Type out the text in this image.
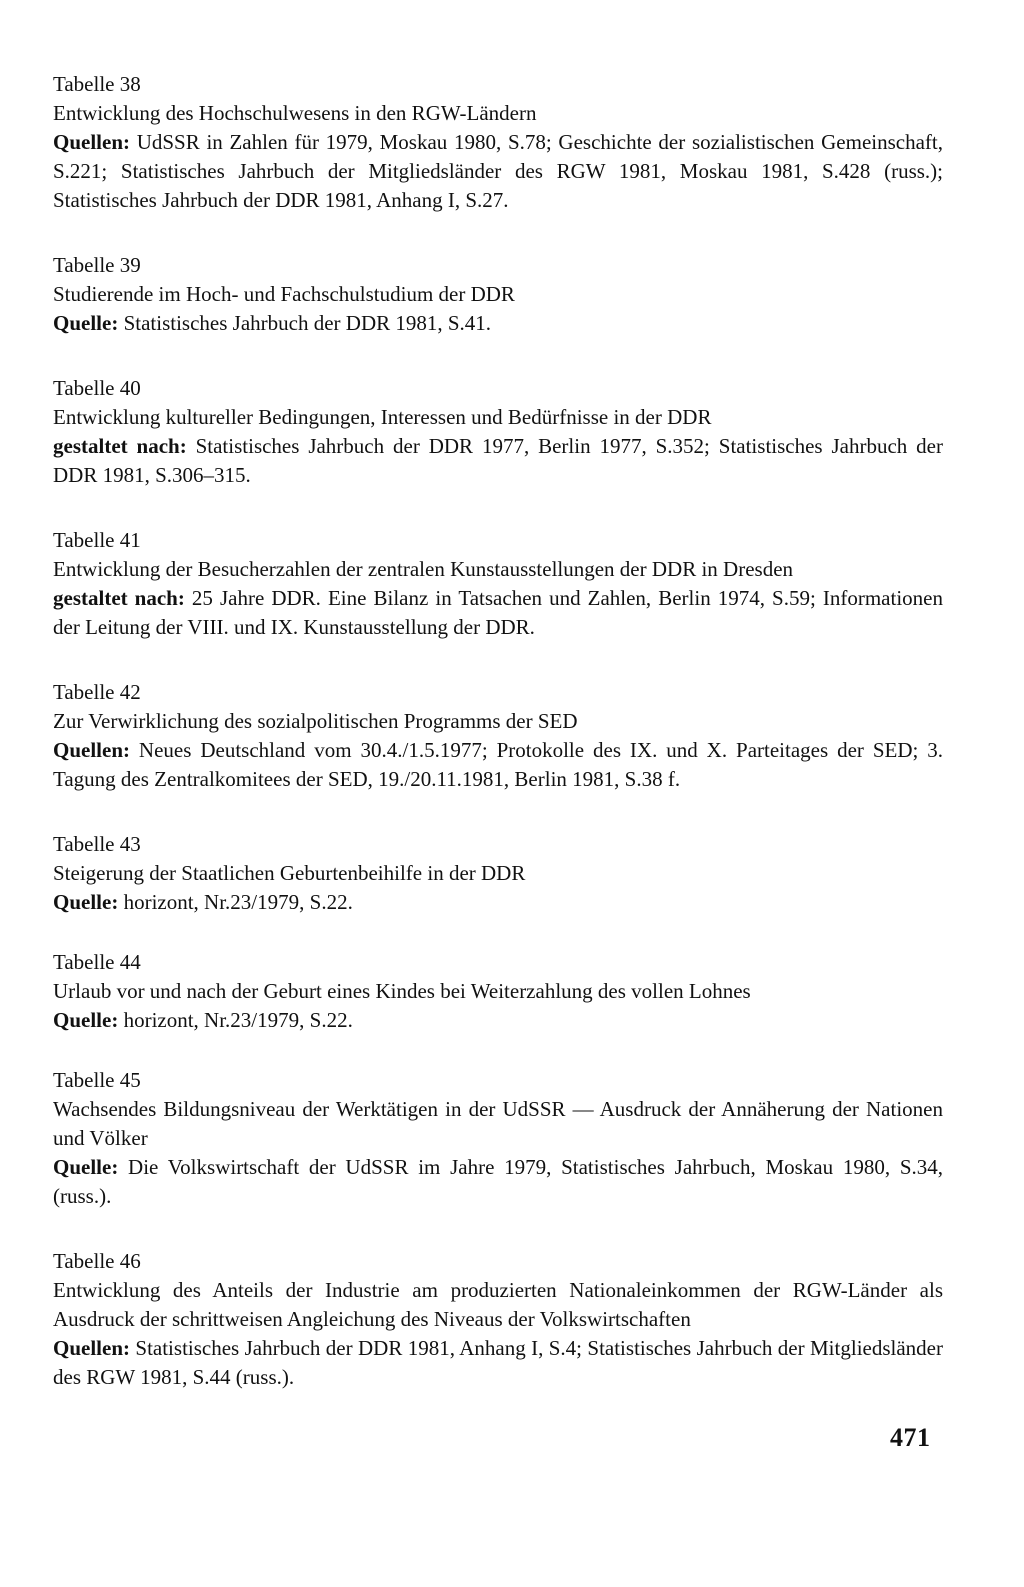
Tabelle 38
Entwicklung des Hochschulwesens in den RGW-Ländern
Quellen: UdSSR in Zahlen für 1979, Moskau 1980, S.78; Geschichte der sozialistischen Gemeinschaft, S.221; Statistisches Jahrbuch der Mitgliedsländer des RGW 1981, Moskau 1981, S.428 (russ.); Statistisches Jahrbuch der DDR 1981, Anhang I, S.27.

Tabelle 39
Studierende im Hoch- und Fachschulstudium der DDR
Quelle: Statistisches Jahrbuch der DDR 1981, S.41.

Tabelle 40
Entwicklung kultureller Bedingungen, Interessen und Bedürfnisse in der DDR
gestaltet nach: Statistisches Jahrbuch der DDR 1977, Berlin 1977, S.352; Statistisches Jahrbuch der DDR 1981, S.306–315.

Tabelle 41
Entwicklung der Besucherzahlen der zentralen Kunstausstellungen der DDR in Dresden
gestaltet nach: 25 Jahre DDR. Eine Bilanz in Tatsachen und Zahlen, Berlin 1974, S.59; Informationen der Leitung der VIII. und IX. Kunstausstellung der DDR.

Tabelle 42
Zur Verwirklichung des sozialpolitischen Programms der SED
Quellen: Neues Deutschland vom 30.4./1.5.1977; Protokolle des IX. und X. Parteitages der SED; 3. Tagung des Zentralkomitees der SED, 19./20.11.1981, Berlin 1981, S.38 f.

Tabelle 43
Steigerung der Staatlichen Geburtenbeihilfe in der DDR
Quelle: horizont, Nr.23/1979, S.22.

Tabelle 44
Urlaub vor und nach der Geburt eines Kindes bei Weiterzahlung des vollen Lohnes
Quelle: horizont, Nr.23/1979, S.22.

Tabelle 45
Wachsendes Bildungsniveau der Werktätigen in der UdSSR — Ausdruck der Annäherung der Nationen und Völker
Quelle: Die Volkswirtschaft der UdSSR im Jahre 1979, Statistisches Jahrbuch, Moskau 1980, S.34, (russ.).

Tabelle 46
Entwicklung des Anteils der Industrie am produzierten Nationaleinkommen der RGW-Länder als Ausdruck der schrittweisen Angleichung des Niveaus der Volkswirtschaften
Quellen: Statistisches Jahrbuch der DDR 1981, Anhang I, S.4; Statistisches Jahrbuch der Mitgliedsländer des RGW 1981, S.44 (russ.).

471
